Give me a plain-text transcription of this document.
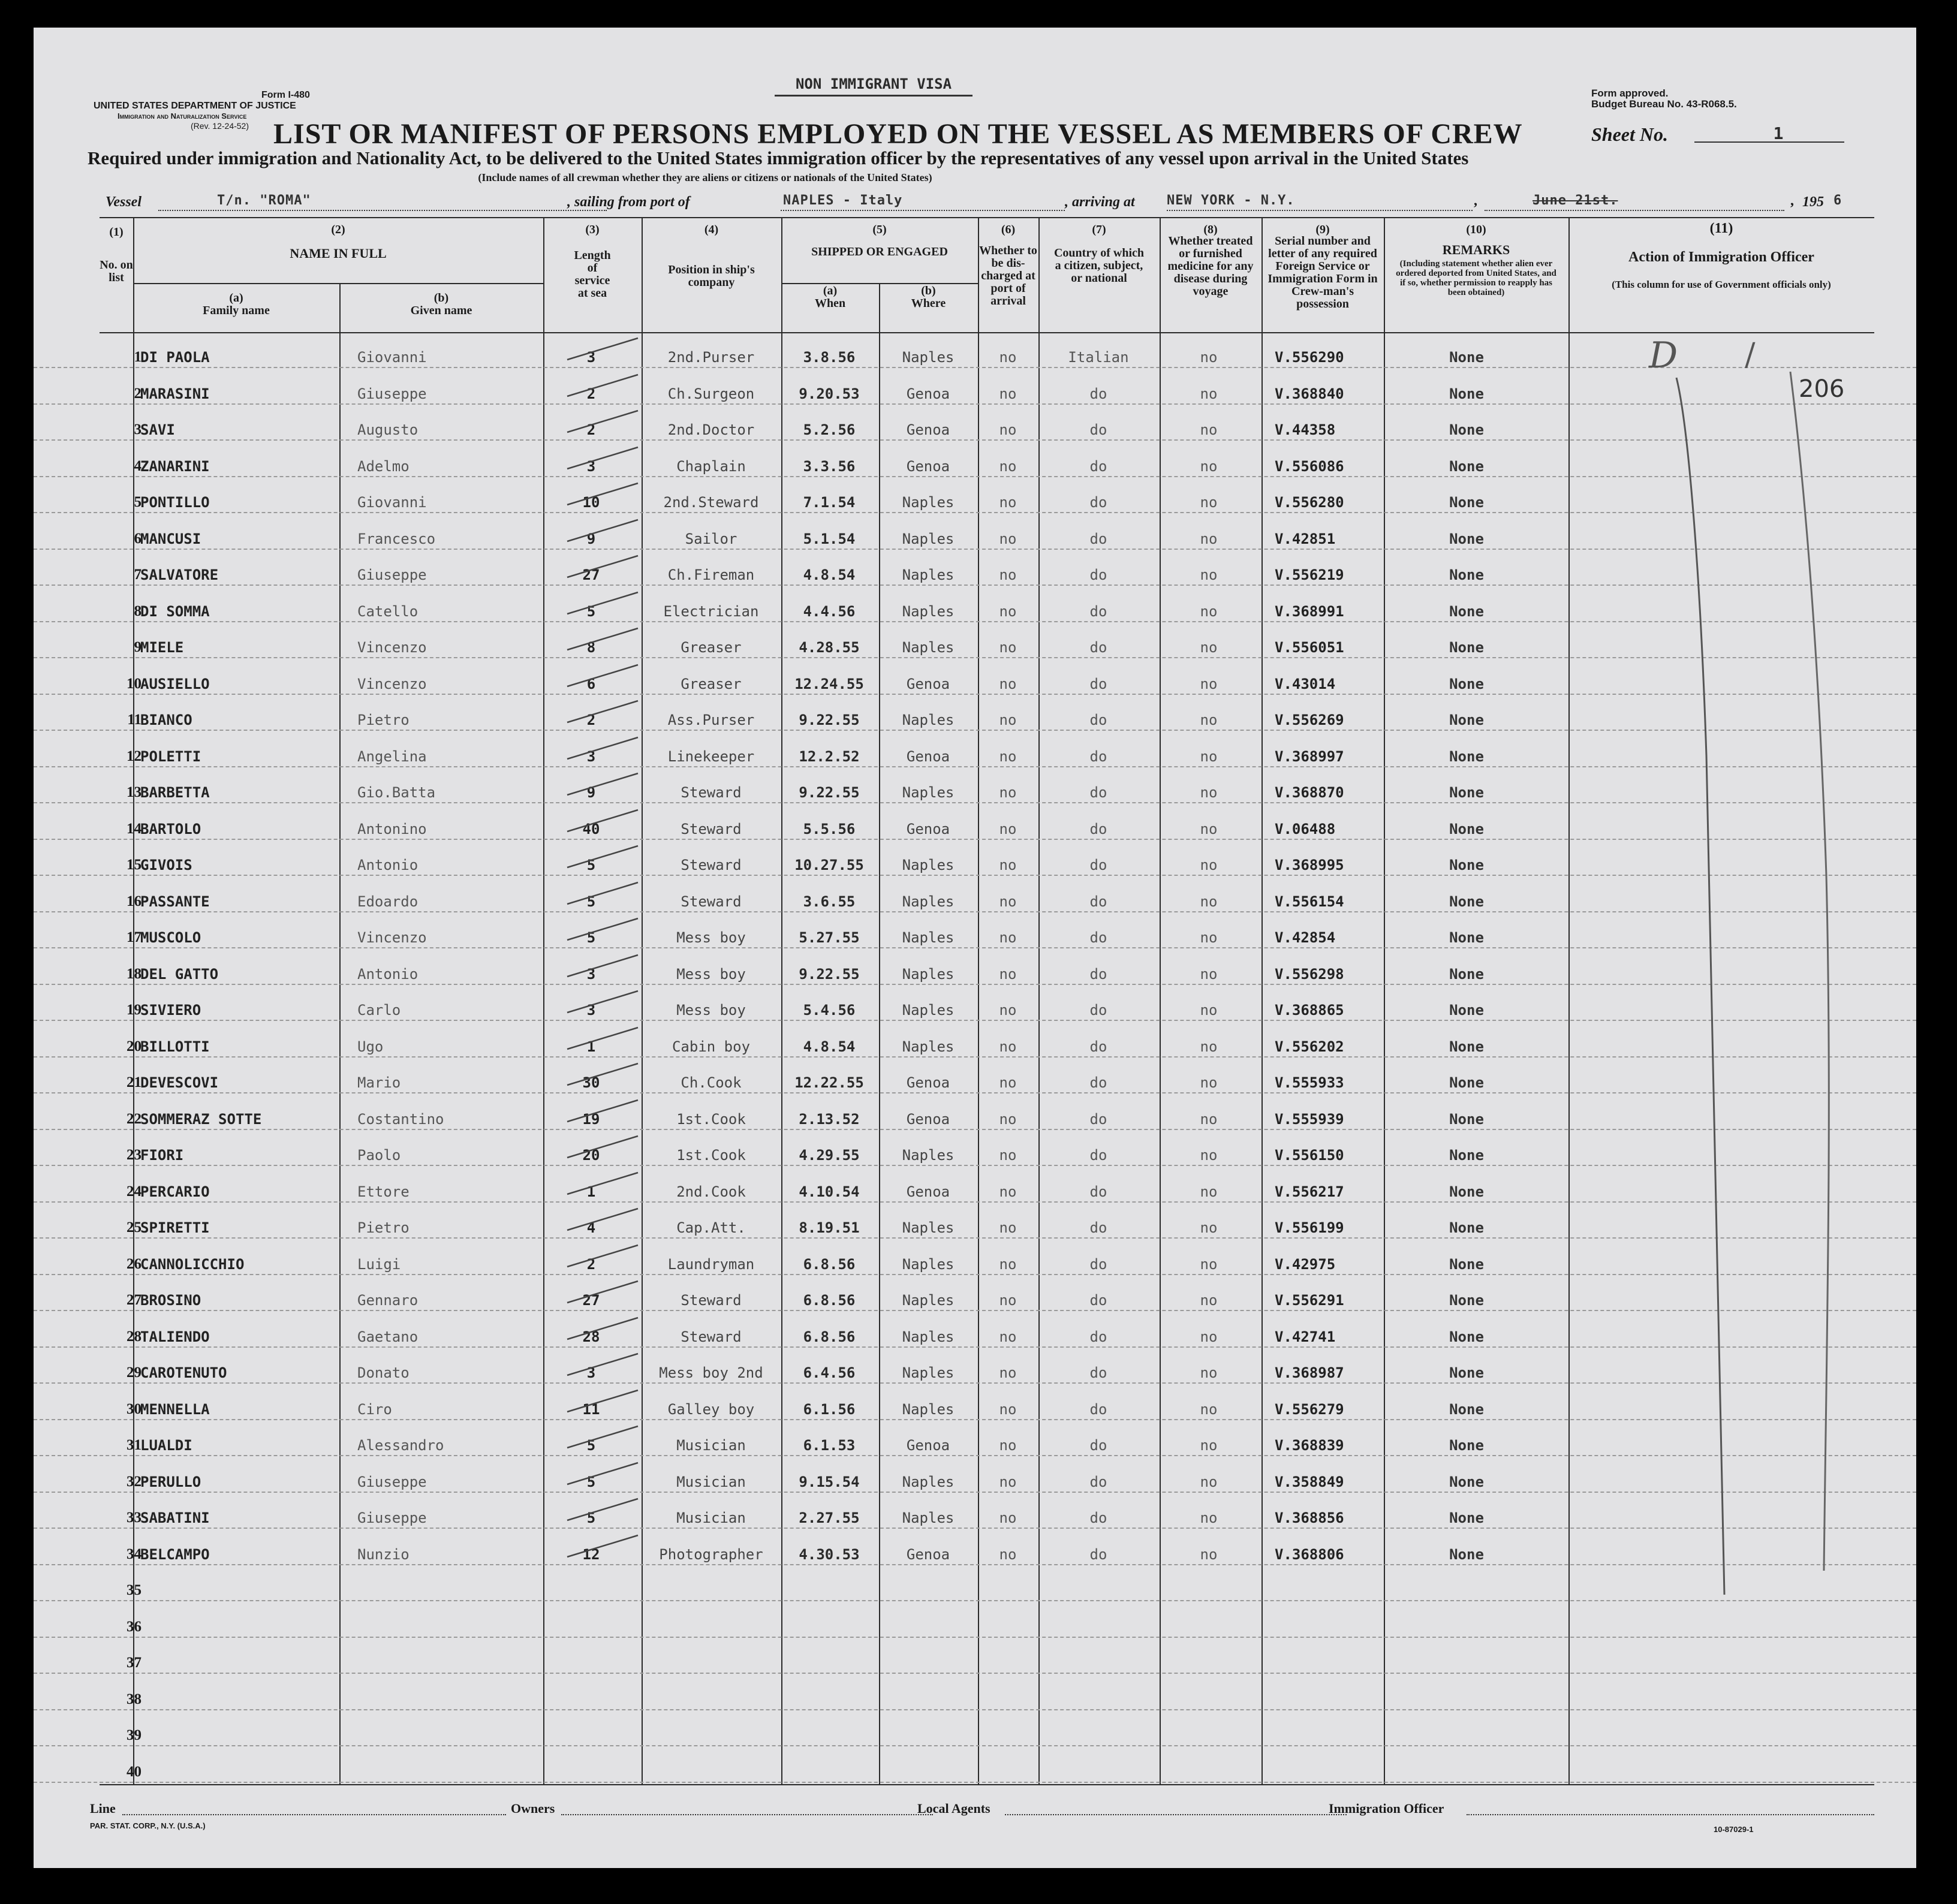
Form I-480
UNITED STATES DEPARTMENT OF JUSTICE
Immigration and Naturalization Service
(Rev. 12-24-52)
NON IMMIGRANT VISA
Form approved.
Budget Bureau No. 43-R068.5.
LIST OR MANIFEST OF PERSONS EMPLOYED ON THE VESSEL AS MEMBERS OF CREW	Sheet No.	1
Required under immigration and Nationality Act, to be delivered to the United States immigration officer by the representatives of any vessel upon arrival in the United States
(Include names of all crewman whether they are aliens or citizens or nationals of the United States)
Vessel	T/n. "ROMA"	, sailing from port of	NAPLES - Italy	, arriving at NEW YORK - N.Y.	,	June 21st.	, 195 6
(1)
No. on list
(2)
NAME IN FULL
(a)
Family name
(b)
Given name
(3)
Length of service at sea
(4)
Position in ship's company
(5)
SHIPPED OR ENGAGED
(a)
When
(b)
Where
(6)
Whether to be dis-charged at port of arrival
(7)
Country of which a citizen, subject, or national
(8)
Whether treated or furnished medicine for any disease during voyage
(9)
Serial number and letter of any required Foreign Service or Immigration Form in Crew-man's possession
(10)
REMARKS
(Including statement whether alien ever ordered deported from United States, and if so, whether permission to reapply has been obtained)
(11)
Action of Immigration Officer
(This column for use of Government officials only)
1
DI PAOLA	Giovanni	3	2nd.Purser	3.8.56	Naples	no	Italian	no	V.556290	None
2
MARASINI	Giuseppe	2	Ch.Surgeon	9.20.53	Genoa	no	do	no	V.368840	None
3
SAVI	Augusto	2	2nd.Doctor	5.2.56	Genoa	no	do	no	V.44358	None
4
ZANARINI	Adelmo	3	Chaplain	3.3.56	Genoa	no	do	no	V.556086	None
5
PONTILLO	Giovanni	10	2nd.Steward	7.1.54	Naples	no	do	no	V.556280	None
6
MANCUSI	Francesco	9	Sailor	5.1.54	Naples	no	do	no	V.42851	None
7
SALVATORE	Giuseppe	27	Ch.Fireman	4.8.54	Naples	no	do	no	V.556219	None
8
DI SOMMA	Catello	5	Electrician	4.4.56	Naples	no	do	no	V.368991	None
9
MIELE	Vincenzo	8	Greaser	4.28.55	Naples	no	do	no	V.556051	None
10
AUSIELLO	Vincenzo	6	Greaser	12.24.55	Genoa	no	do	no	V.43014	None
11
BIANCO	Pietro	2	Ass.Purser	9.22.55	Naples	no	do	no	V.556269	None
12
POLETTI	Angelina	3	Linekeeper	12.2.52	Genoa	no	do	no	V.368997	None
13
BARBETTA	Gio.Batta	9	Steward	9.22.55	Naples	no	do	no	V.368870	None
14
BARTOLO	Antonino	40	Steward	5.5.56	Genoa	no	do	no	V.06488	None
15
GIVOIS	Antonio	5	Steward	10.27.55	Naples	no	do	no	V.368995	None
16
PASSANTE	Edoardo	5	Steward	3.6.55	Naples	no	do	no	V.556154	None
17
MUSCOLO	Vincenzo	5	Mess boy	5.27.55	Naples	no	do	no	V.42854	None
18
DEL GATTO	Antonio	3	Mess boy	9.22.55	Naples	no	do	no	V.556298	None
19
SIVIERO	Carlo	3	Mess boy	5.4.56	Naples	no	do	no	V.368865	None
20
BILLOTTI	Ugo	1	Cabin boy	4.8.54	Naples	no	do	no	V.556202	None
21
DEVESCOVI	Mario	30	Ch.Cook	12.22.55	Genoa	no	do	no	V.555933	None
22
SOMMERAZ SOTTE	Costantino	19	1st.Cook	2.13.52	Genoa	no	do	no	V.555939	None
23
FIORI	Paolo	20	1st.Cook	4.29.55	Naples	no	do	no	V.556150	None
24
PERCARIO	Ettore	1	2nd.Cook	4.10.54	Genoa	no	do	no	V.556217	None
25
SPIRETTI	Pietro	4	Cap.Att.	8.19.51	Naples	no	do	no	V.556199	None
26
CANNOLICCHIO	Luigi	2	Laundryman	6.8.56	Naples	no	do	no	V.42975	None
27
BROSINO	Gennaro	27	Steward	6.8.56	Naples	no	do	no	V.556291	None
28
TALIENDO	Gaetano	28	Steward	6.8.56	Naples	no	do	no	V.42741	None
29
CAROTENUTO	Donato	3	Mess boy 2nd	6.4.56	Naples	no	do	no	V.368987	None
30
MENNELLA	Ciro	11	Galley boy	6.1.56	Naples	no	do	no	V.556279	None
31
LUALDI	Alessandro	5	Musician	6.1.53	Genoa	no	do	no	V.368839	None
32
PERULLO	Giuseppe	5	Musician	9.15.54	Naples	no	do	no	V.358849	None
33
SABATINI	Giuseppe	5	Musician	2.27.55	Naples	no	do	no	V.368856	None
34
BELCAMPO	Nunzio	12	Photographer	4.30.53	Genoa	no	do	no	V.368806	None
35
36
37
38
39
40
D /
206
Line	Owners	Local Agents	Immigration Officer
PAR. STAT. CORP., N.Y. (U.S.A.)	10-87029-1
